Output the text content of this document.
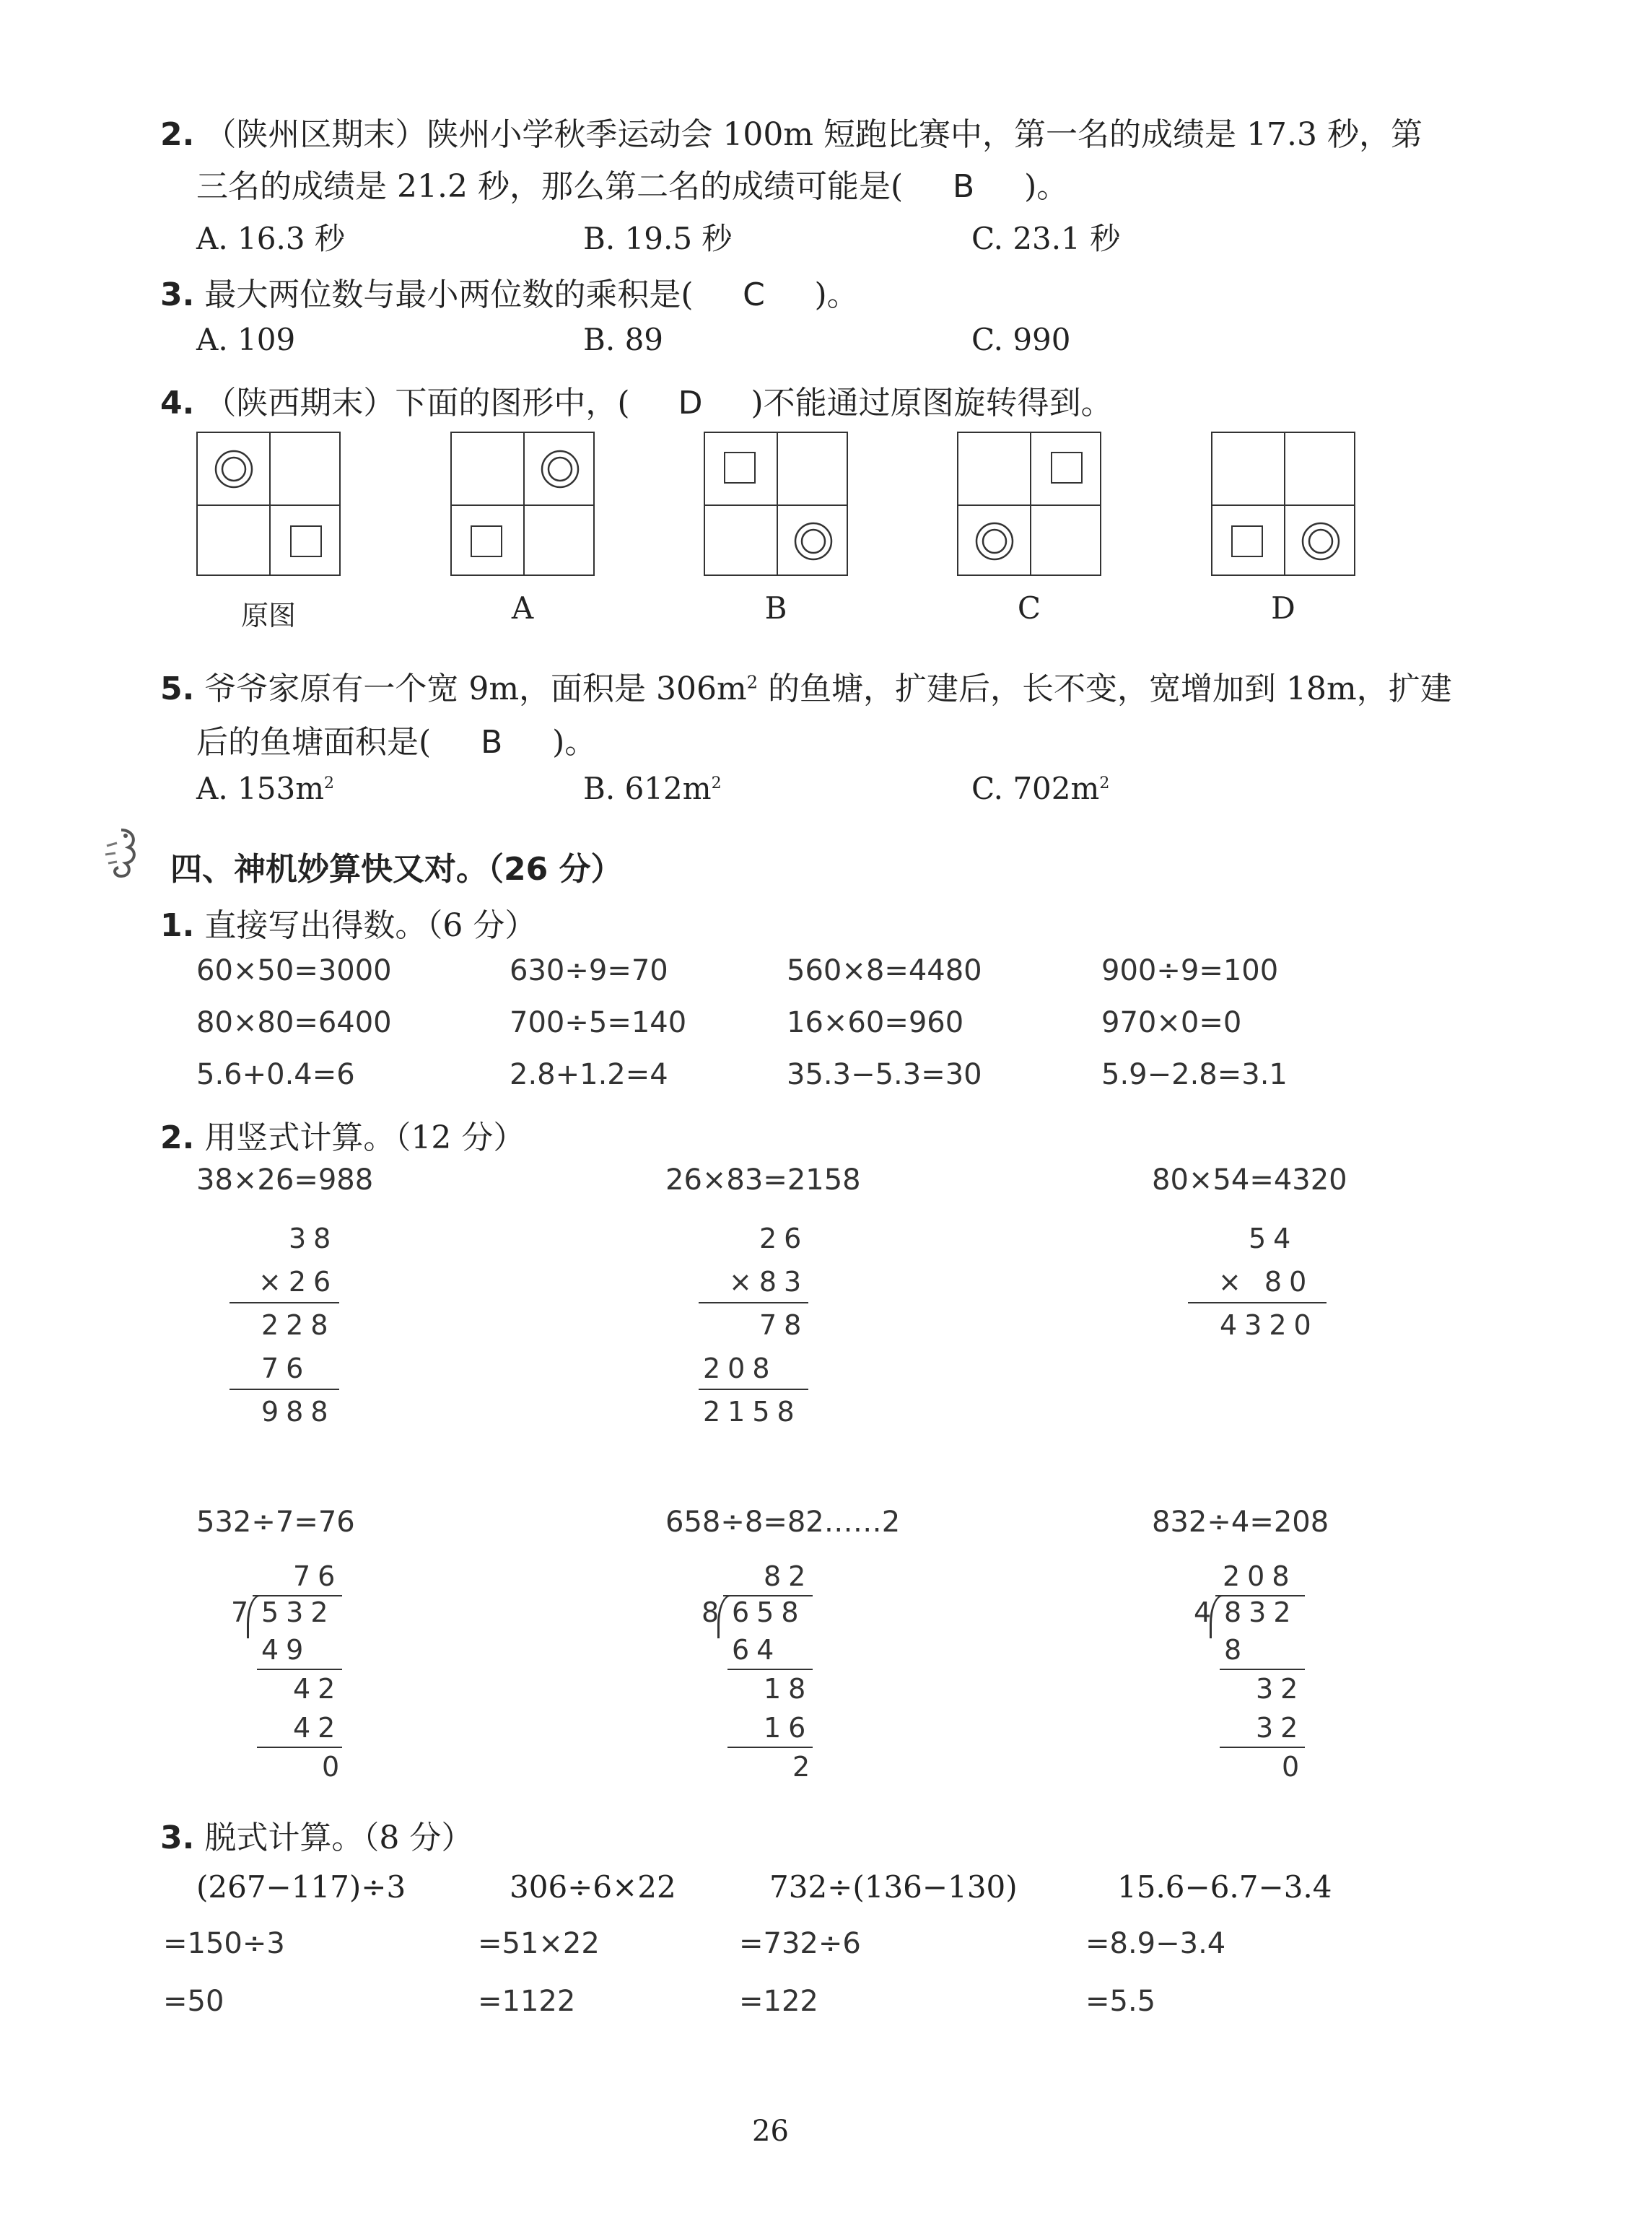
2. （陕州区期末）陕州小学秋季运动会 100m 短跑比赛中，第一名的成绩是 17.3 秒，第
三名的成绩是 21.2 秒，那么第二名的成绩可能是( B )。
A. 16.3 秒	B. 19.5 秒	C. 23.1 秒
3. 最大两位数与最小两位数的乘积是( C )。
A. 109	B. 89	C. 990
4. （陕西期末）下面的图形中，( D )不能通过原图旋转得到。
原图	A	B	C	D
5. 爷爷家原有一个宽 9m，面积是 $306m^2$ 的鱼塘，扩建后，长不变，宽增加到 18m，扩建
后的鱼塘面积是( B )。
A. $153m^2$	B. $612m^2$	C. $702m^2$
四、神机妙算快又对。（26 分）
1. 直接写出得数。（6 分）
60×50=3000	630÷9=70	560×8=4480	900÷9=100
80×80=6400	700÷5=140	16×60=960	970×0=0
5.6+0.4=6	2.8+1.2=4	35.3−5.3=30	5.9−2.8=3.1
2. 用竖式计算。（12 分）
38×26=988	26×83=2158	80×54=4320
38
×26
228
76
988
26
×83
78
208
2158
54
× 80
4320
532÷7=76	658÷8=82……2	832÷4=208
76
7 532
49
42
42
0
82
8 658
64
18
16
2
208
4 832
8
32
32
0
3. 脱式计算。（8 分）
(267−117)÷3	306÷6×22	732÷(136−130)	15.6−6.7−3.4
=150÷3	=51×22	=732÷6	=8.9−3.4
=50	=1122	=122	=5.5
26
